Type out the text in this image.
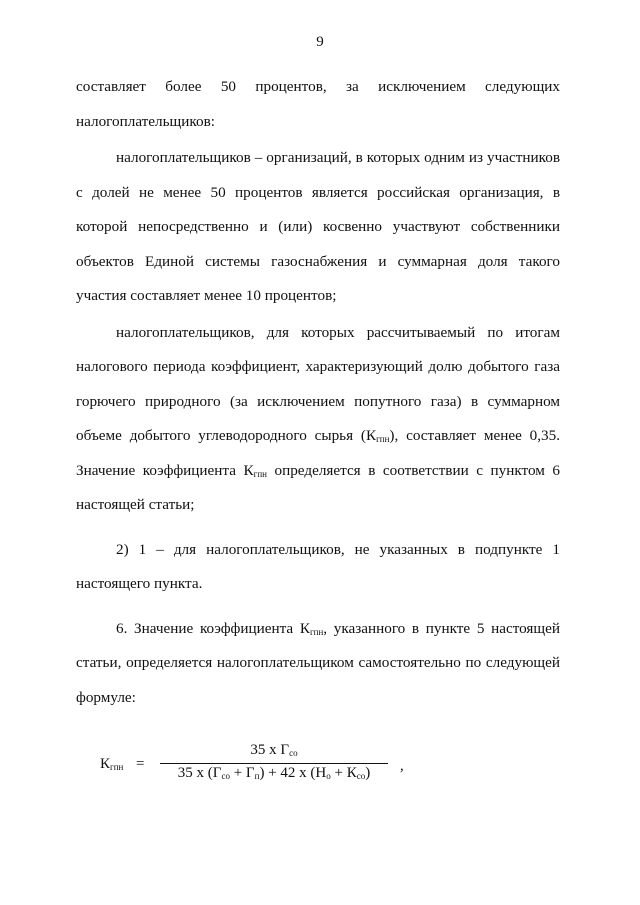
9

составляет более 50 процентов, за исключением следующих

налогоплательщиков:

налогоплательщиков – организаций, в которых одним из участников с долей не менее 50 процентов является российская организация, в которой непосредственно и (или) косвенно участвуют собственники объектов Единой системы газоснабжения и суммарная доля такого участия составляет менее 10 процентов;

налогоплательщиков, для которых рассчитываемый по итогам налогового периода коэффициент, характеризующий долю добытого газа горючего природного (за исключением попутного газа) в суммарном объеме добытого углеводородного сырья $(К_{гпн})$, составляет менее 0,35. Значение коэффициента $К_{гпн}$ определяется в соответствии с пунктом 6 настоящей статьи;

2) 1 – для налогоплательщиков, не указанных в подпункте 1 настоящего пункта.

6. Значение коэффициента $К_{гпн}$, указанного в пункте 5 настоящей статьи, определяется налогоплательщиком самостоятельно по следующей формуле:

$К_{гпн}$ =
35 х $Г_{со}$
35 х $(Г_{со} + Г_п) + 42$ х $(Н_о + К_{со})$	,
